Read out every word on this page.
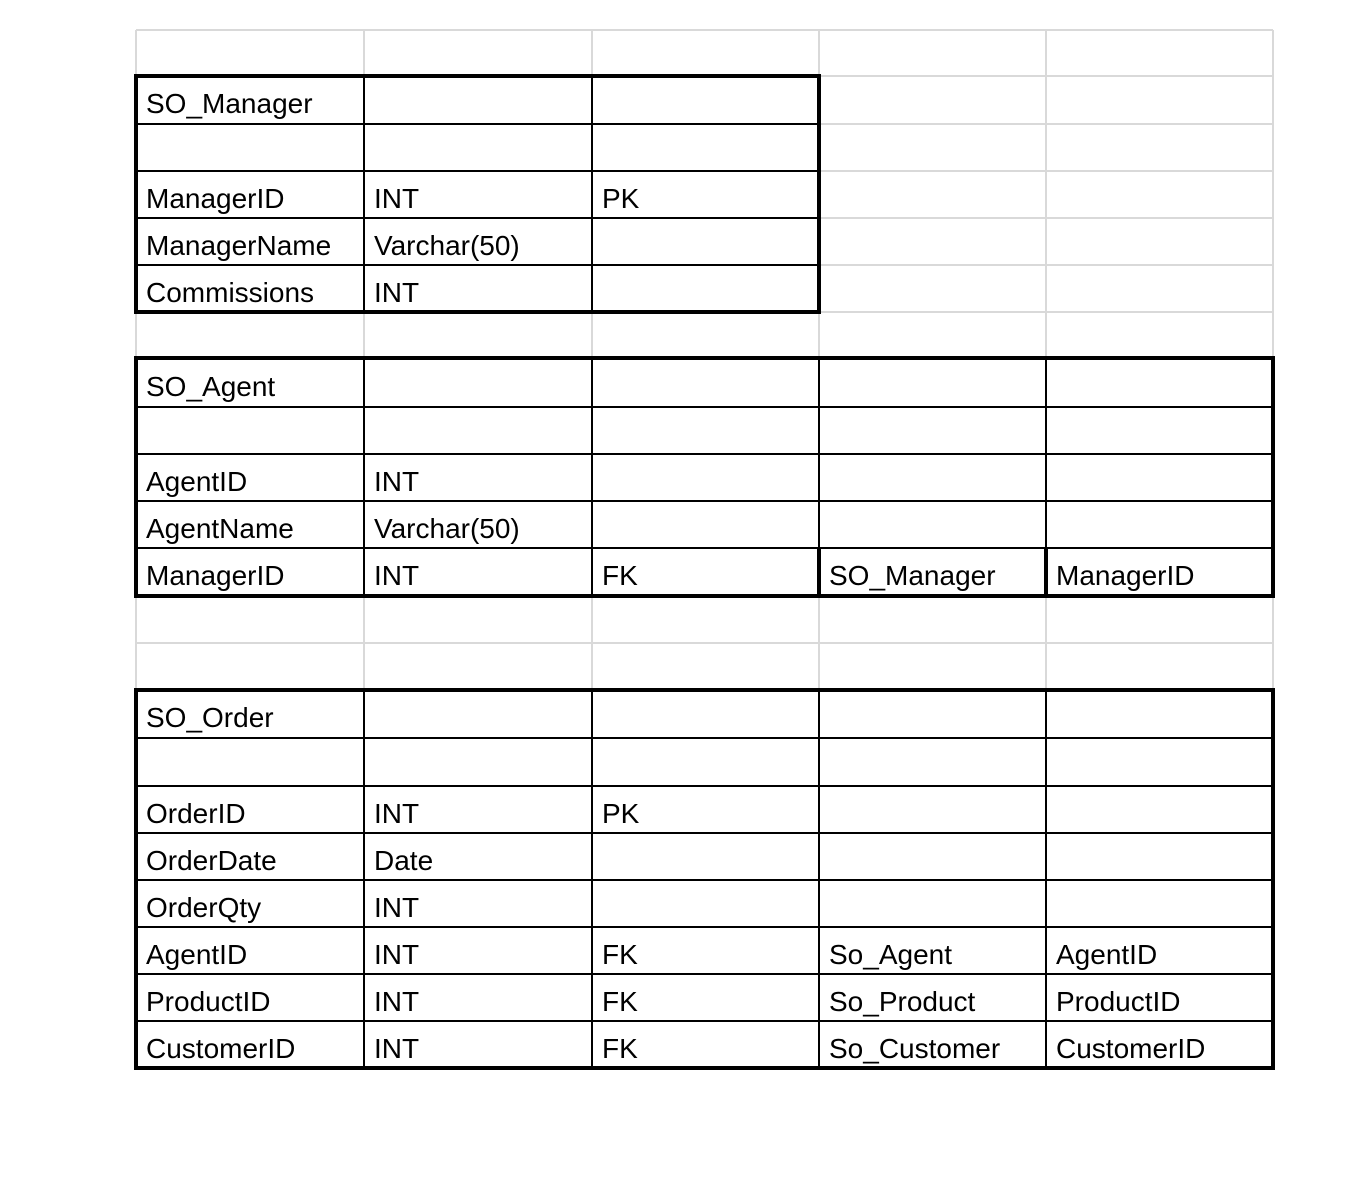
SO_Manager
ManagerID	INT	PK
ManagerName	Varchar(50)
Commissions	INT
SO_Agent
AgentID	INT
AgentName	Varchar(50)
ManagerID	INT	FK	SO_Manager	ManagerID
SO_Order
OrderID	INT	PK
OrderDate	Date
OrderQty	INT
AgentID	INT	FK	So_Agent	AgentID
ProductID	INT	FK	So_Product	ProductID
CustomerID	INT	FK	So_Customer	CustomerID
